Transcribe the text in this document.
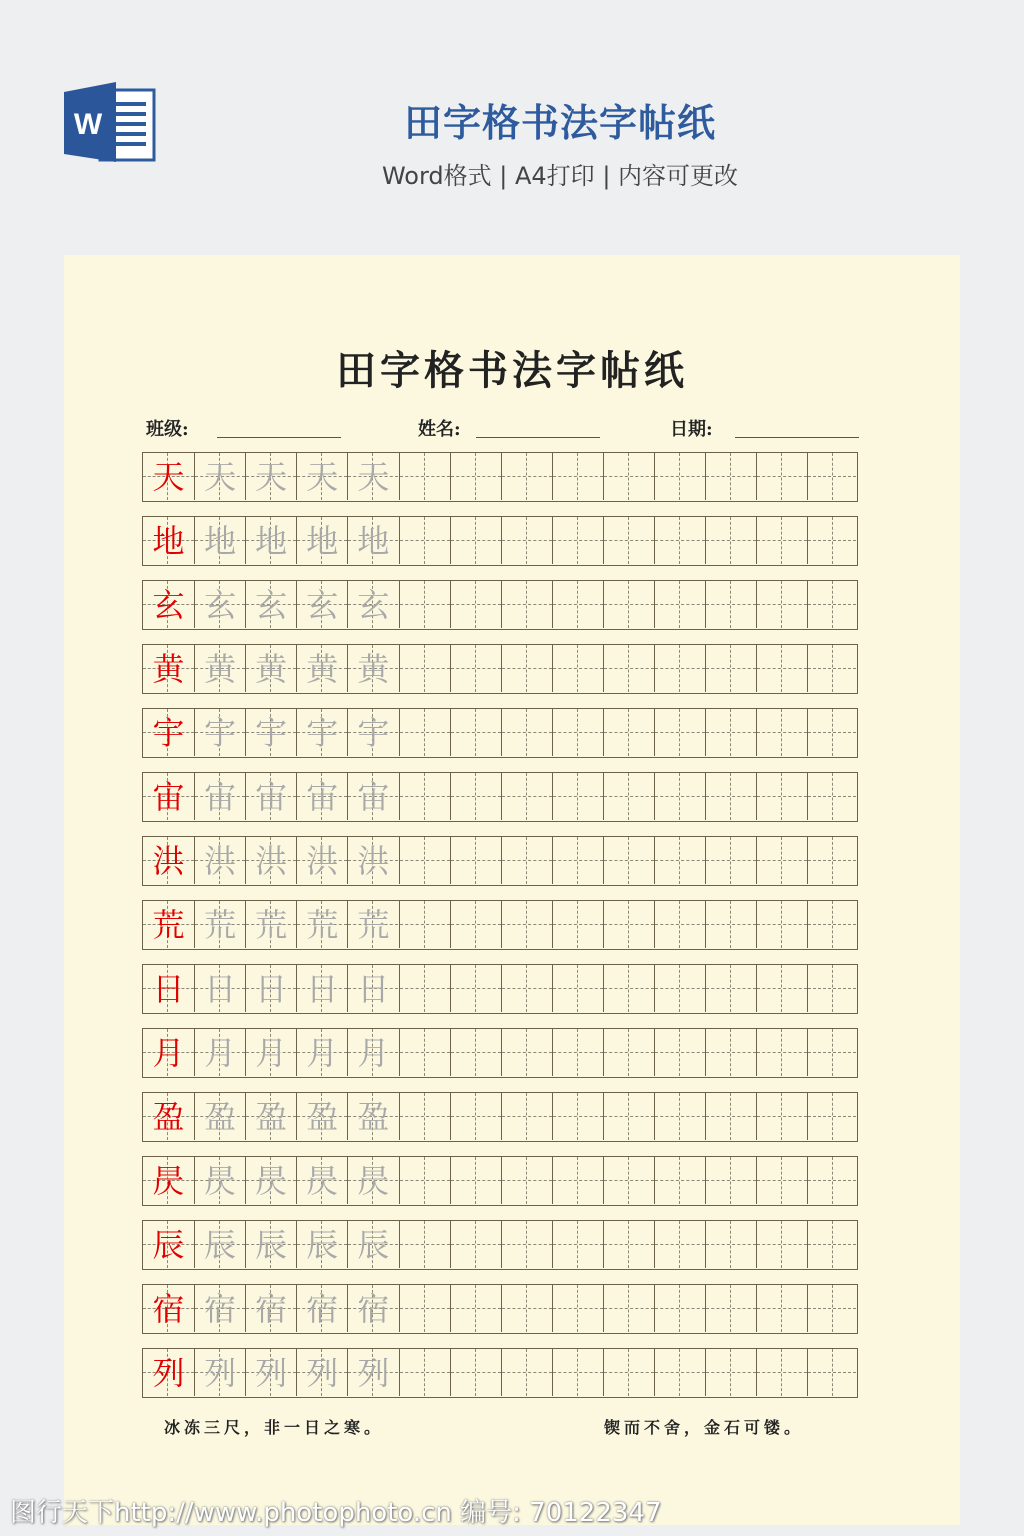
W	田字格书法字帖纸
Word格式 | A4打印 | 内容可更改
田字格书法字帖纸
班级:	姓名:	日期:
天 天 天 天 天
地 地 地 地 地
玄 玄 玄 玄 玄
黄 黄 黄 黄 黄
宇 宇 宇 宇 宇
宙 宙 宙 宙 宙
洪 洪 洪 洪 洪
荒 荒 荒 荒 荒
日 日 日 日 日
月 月 月 月 月
盈 盈 盈 盈 盈
昃 昃 昃 昃 昃
辰 辰 辰 辰 辰
宿 宿 宿 宿 宿
列 列 列 列 列
冰冻三尺，非一日之寒。	锲而不舍，金石可镂。
图行天下http://www.photophoto.cn 编号: 70122347
